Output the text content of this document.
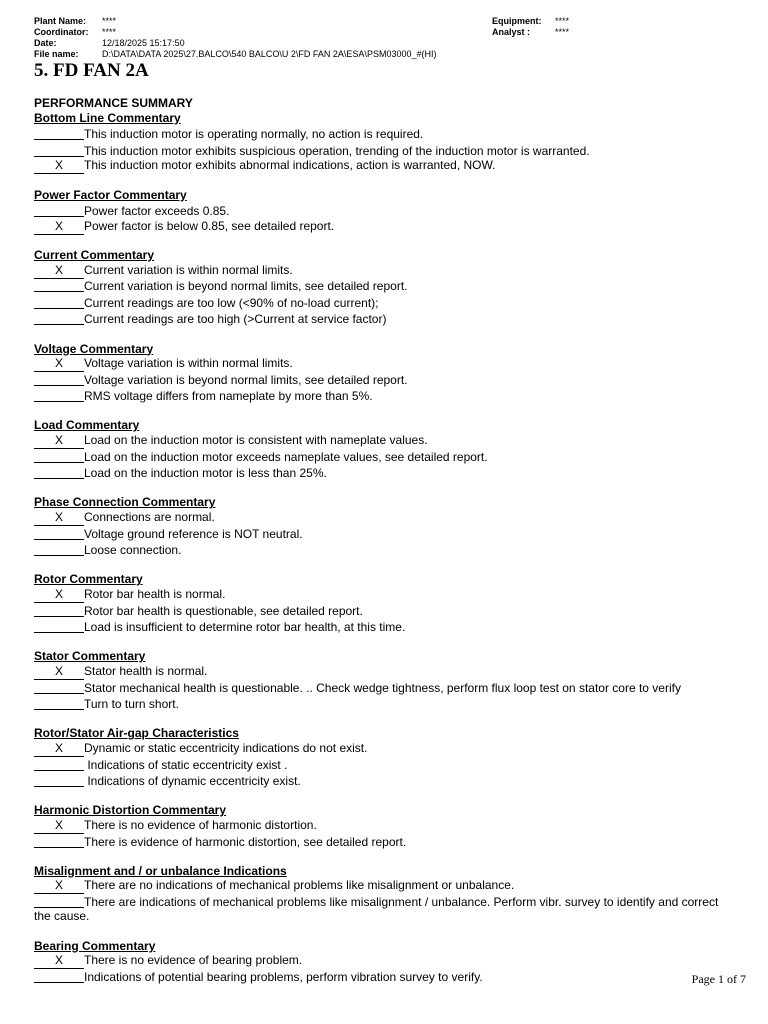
Plant Name: ****	Equipment: ****
Coordinator: ****	Analyst :	****
Date:	12/18/2025 15:17:50
File name:	D:\DATA\DATA 2025\27.BALCO\540 BALCO\U 2\FD FAN 2A\ESA\PSM03000_#(HI)
5. FD FAN 2A

PERFORMANCE SUMMARY

Bottom Line Commentary

This induction motor is operating normally, no action is required.

This induction motor exhibits suspicious operation, trending of the induction motor is warranted.

X This induction motor exhibits abnormal indications, action is warranted, NOW.

Power Factor Commentary

Power factor exceeds 0.85.

X Power factor is below 0.85, see detailed report.

Current Commentary

X Current variation is within normal limits.

Current variation is beyond normal limits, see detailed report.

Current readings are too low (<90% of no-load current);

Current readings are too high (>Current at service factor)

Voltage Commentary

X Voltage variation is within normal limits.

Voltage variation is beyond normal limits, see detailed report.

RMS voltage differs from nameplate by more than 5%.

Load Commentary

X Load on the induction motor is consistent with nameplate values.

Load on the induction motor exceeds nameplate values, see detailed report.

Load on the induction motor is less than 25%.

Phase Connection Commentary

X Connections are normal.

Voltage ground reference is NOT neutral.

Loose connection.

Rotor Commentary

X Rotor bar health is normal.

Rotor bar health is questionable, see detailed report.

Load is insufficient to determine rotor bar health, at this time.

Stator Commentary

X Stator health is normal.

Stator mechanical health is questionable. .. Check wedge tightness, perform flux loop test on stator core to verify

Turn to turn short.

Rotor/Stator Air-gap Characteristics

X Dynamic or static eccentricity indications do not exist.

Indications of static eccentricity exist .

Indications of dynamic eccentricity exist.

Harmonic Distortion Commentary

X There is no evidence of harmonic distortion.

There is evidence of harmonic distortion, see detailed report.

Misalignment and / or unbalance Indications

X There are no indications of mechanical problems like misalignment or unbalance.

There are indications of mechanical problems like misalignment / unbalance. Perform vibr. survey to identify and correct the cause.

Bearing Commentary

X There is no evidence of bearing problem.

Indications of potential bearing problems, perform vibration survey to verify.	Page 1 of 7
